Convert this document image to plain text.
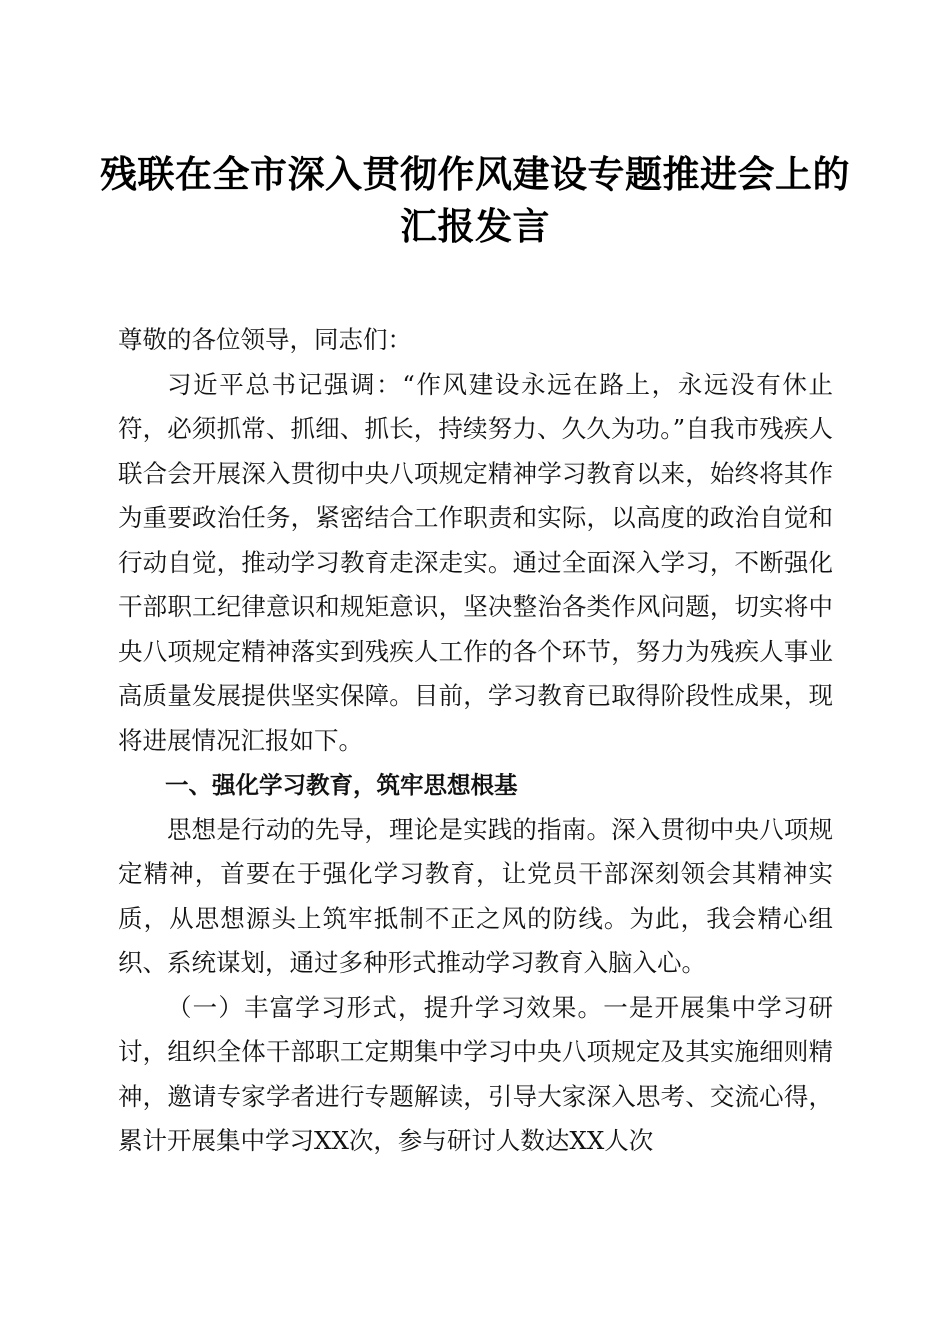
残联在全市深入贯彻作风建设专题推进会上的汇报发言

尊敬的各位领导，同志们：

习近平总书记强调：“作风建设永远在路上，永远没有休止符，必须抓常、抓细、抓长，持续努力、久久为功。”自我市残疾人联合会开展深入贯彻中央八项规定精神学习教育以来，始终将其作为重要政治任务，紧密结合工作职责和实际，以高度的政治自觉和行动自觉，推动学习教育走深走实。通过全面深入学习，不断强化干部职工纪律意识和规矩意识，坚决整治各类作风问题，切实将中央八项规定精神落实到残疾人工作的各个环节，努力为残疾人事业高质量发展提供坚实保障。目前，学习教育已取得阶段性成果，现将进展情况汇报如下。

一、强化学习教育，筑牢思想根基

思想是行动的先导，理论是实践的指南。深入贯彻中央八项规定精神，首要在于强化学习教育，让党员干部深刻领会其精神实质，从思想源头上筑牢抵制不正之风的防线。为此，我会精心组织、系统谋划，通过多种形式推动学习教育入脑入心。

（一）丰富学习形式，提升学习效果。一是开展集中学习研讨，组织全体干部职工定期集中学习中央八项规定及其实施细则精神，邀请专家学者进行专题解读，引导大家深入思考、交流心得，累计开展集中学习XX次，参与研讨人数达XX人次
